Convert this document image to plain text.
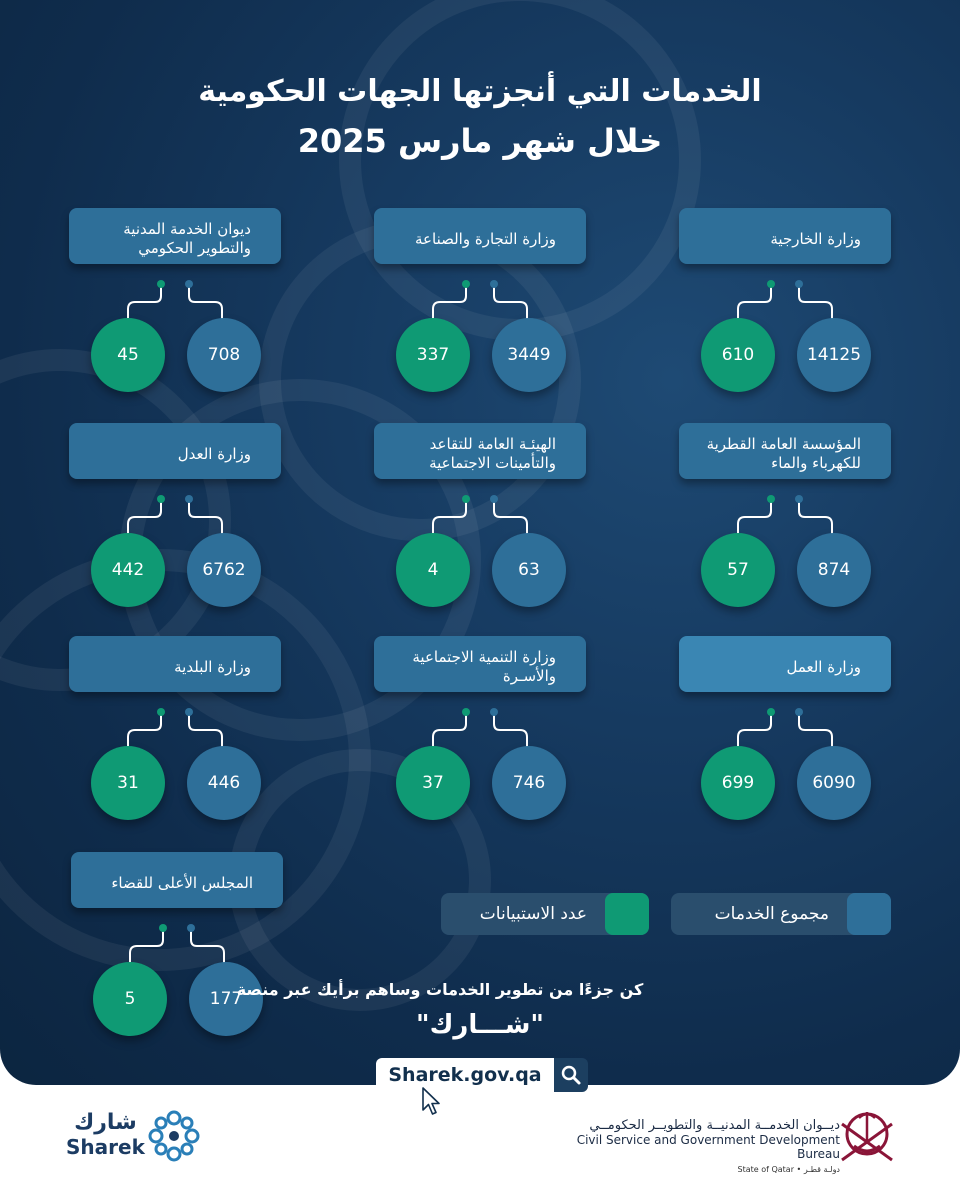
الخدمات التي أنجزتها الجهات الحكومية
خلال شهر مارس 2025
وزارة الخارجية
610	14125
وزارة التجارة والصناعة
337	3449
ديوان الخدمة المدنية
والتطوير الحكومي
45	708
المؤسسة العامة القطرية
للكهرباء والماء
57	874
الهيئـة العامة للتقاعد
والتأمينات الاجتماعية
4	63
وزارة العدل
442	6762
وزارة العمل
699	6090
وزارة التنمية الاجتماعية
والأسـرة
37	746
وزارة البلدية
31	446
المجلس الأعلى للقضاء
5	177
مجموع الخدمات
عدد الاستبيانات
كن جزءًا من تطوير الخدمات وساهم برأيك عبر منصة
"شـــارك"
Sharek.gov.qa
ديــوان الخدمــة المدنيــة والتطويــر الحكومــي
Civil Service and Government Development Bureau
State of Qatar • دولـة قطـر
شارك
Sharek
